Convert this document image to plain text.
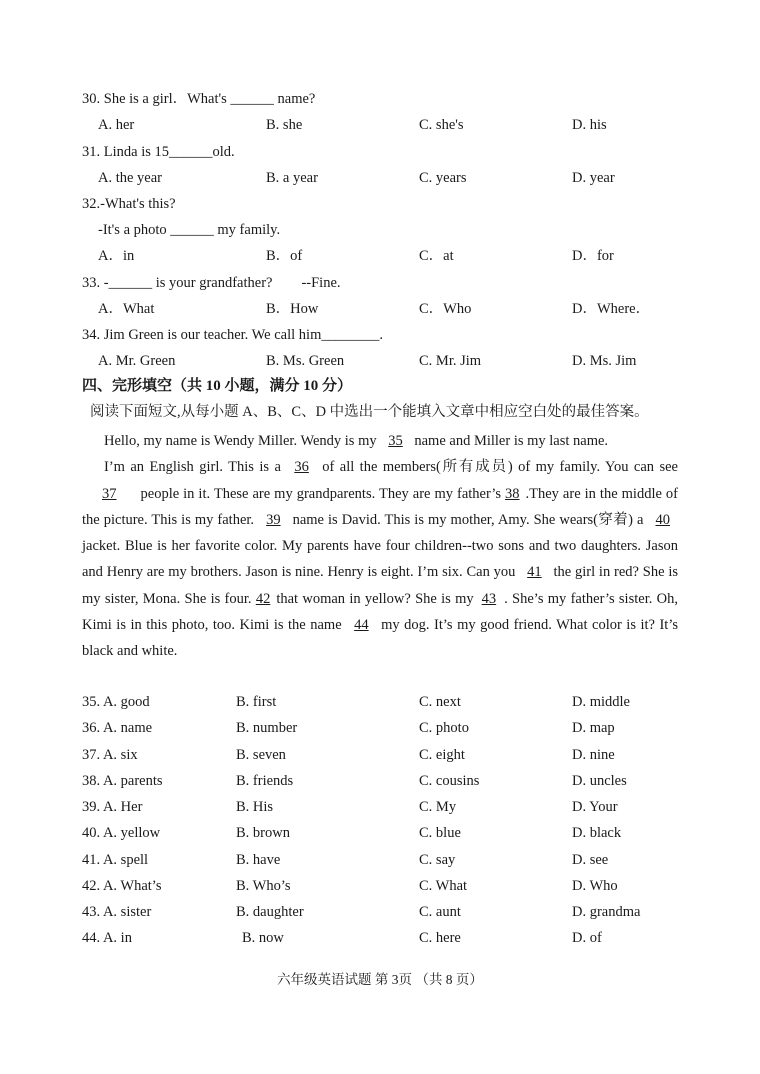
30. She is a girl．What's ______ name?
A. her	B. she	C. she's	D. his
31. Linda is 15______old.
A. the year	B. a year	C. years	D. year
32.-What's this?
-It's a photo ______ my family.
A．in	B．of	C．at	D．for
33. -______ is your grandfather?        --Fine.
A．What	B．How	C．Who	D．Where．
34. Jim Green is our teacher. We call him________.
A. Mr. Green	B. Ms. Green	C. Mr. Jim	D. Ms. Jim
四、完形填空（共 10 小题，满分 10 分）
阅读下面短文,从每小题 A、B、C、D 中选出一个能填入文章中相应空白处的最佳答案。

Hello, my name is Wendy Miller. Wendy is my 35 name and Miller is my last name.

I’m an English girl. This is a 36 of all the members(所有成员) of my family. You can see 37 people in it. These are my grandparents. They are my father’s 38 .They are in the middle of the picture. This is my father. 39 name is David. This is my mother, Amy. She wears(穿着) a 40 jacket. Blue is her favorite color. My parents have four children--two sons and two daughters. Jason and Henry are my brothers. Jason is nine. Henry is eight. I’m six. Can you 41 the girl in red? She is my sister, Mona. She is four. 42 that woman in yellow? She is my 43 . She’s my father’s sister. Oh, Kimi is in this photo, too. Kimi is the name 44 my dog. It’s my good friend. What color is it? It’s black and white.

35. A. good	B. first	C. next	D. middle
36. A. name	B. number	C. photo	D. map
37. A. six	B. seven	C. eight	D. nine
38. A. parents	B. friends	C. cousins	D. uncles
39. A. Her	B. His	C. My	D. Your
40. A. yellow	B. brown	C. blue	D. black
41. A. spell	B. have	C. say	D. see
42. A. What’s	B. Who’s	C. What	D. Who
43. A. sister	B. daughter	C. aunt	D. grandma
44. A. in	B. now	C. here	D. of
六年级英语试题 第 3页 （共 8 页）
